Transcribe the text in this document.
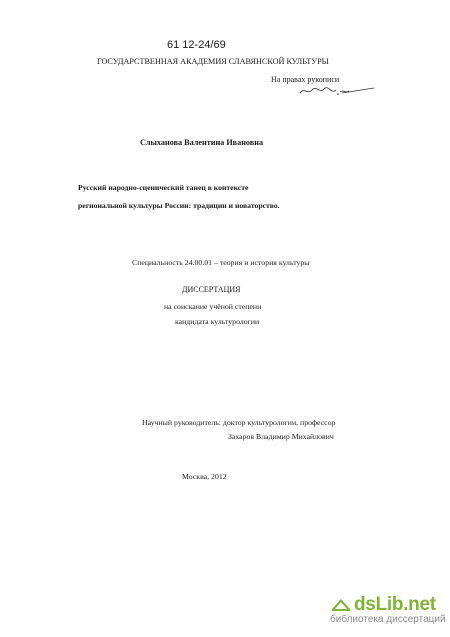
61 12-24/69
ГОСУДАРСТВЕННАЯ АКАДЕМИЯ СЛАВЯНСКОЙ КУЛЬТУРЫ
На правах рукописи
Слыханова Валентина Ивановна
Русский народно-сценический танец в контексте
региональной культуры России: традиции и новаторство.
Специальность 24.00.01 – теория и история культуры
ДИССЕРТАЦИЯ
на соискание учёной степени
кандидата культурологии
Научный руководитель: доктор культурологии, профессор
Захаров Владимир Михайлович
Москва, 2012
dsLib.net
библиотека диссертаций
